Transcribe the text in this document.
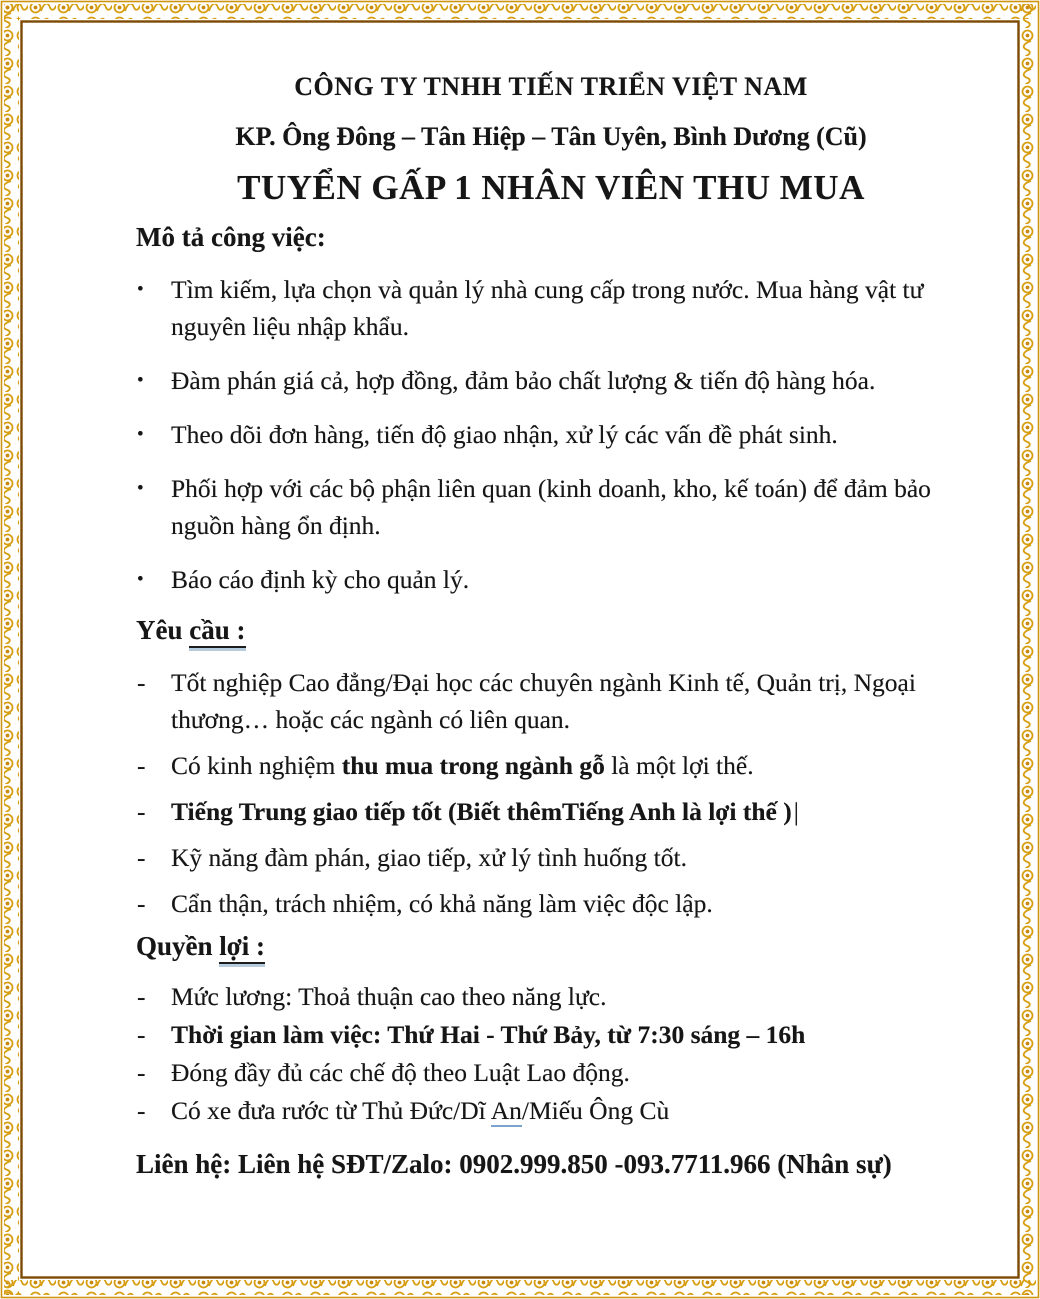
CÔNG TY TNHH TIẾN TRIỂN VIỆT NAM
KP. Ông Đông – Tân Hiệp – Tân Uyên, Bình Dương (Cũ)
TUYỂN GẤP 1 NHÂN VIÊN THU MUA
Mô tả công việc:
•	Tìm kiếm, lựa chọn và quản lý nhà cung cấp trong nước. Mua hàng vật tư nguyên liệu nhập khẩu.
•	Đàm phán giá cả, hợp đồng, đảm bảo chất lượng & tiến độ hàng hóa.
•	Theo dõi đơn hàng, tiến độ giao nhận, xử lý các vấn đề phát sinh.
•	Phối hợp với các bộ phận liên quan (kinh doanh, kho, kế toán) để đảm bảo nguồn hàng ổn định.
•	Báo cáo định kỳ cho quản lý.
Yêu cầu :
-	Tốt nghiệp Cao đẳng/Đại học các chuyên ngành Kinh tế, Quản trị, Ngoại thương… hoặc các ngành có liên quan.
-	Có kinh nghiệm thu mua trong ngành gỗ là một lợi thế.
-	Tiếng Trung giao tiếp tốt (Biết thêmTiếng Anh là lợi thế )|
-	Kỹ năng đàm phán, giao tiếp, xử lý tình huống tốt.
-	Cẩn thận, trách nhiệm, có khả năng làm việc độc lập.
Quyền lợi :
-	Mức lương: Thoả thuận cao theo năng lực.
-	Thời gian làm việc: Thứ Hai - Thứ Bảy, từ 7:30 sáng – 16h
-	Đóng đầy đủ các chế độ theo Luật Lao động.
-	Có xe đưa rước từ Thủ Đức/Dĩ An/Miếu Ông Cù
Liên hệ: Liên hệ SĐT/Zalo: 0902.999.850 -093.7711.966 (Nhân sự)
